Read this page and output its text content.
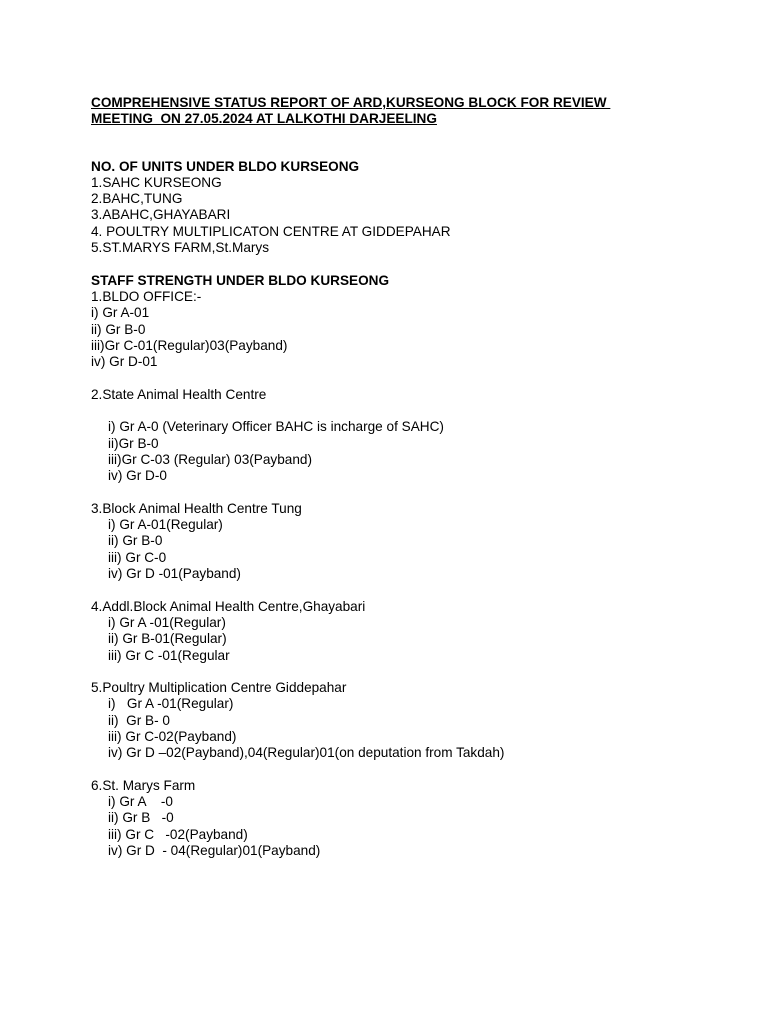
COMPREHENSIVE STATUS REPORT OF ARD,KURSEONG BLOCK FOR REVIEW
MEETING  ON 27.05.2024 AT LALKOTHI DARJEELING
NO. OF UNITS UNDER BLDO KURSEONG
1.SAHC KURSEONG
2.BAHC,TUNG
3.ABAHC,GHAYABARI
4. POULTRY MULTIPLICATON CENTRE AT GIDDEPAHAR
5.ST.MARYS FARM,St.Marys
STAFF STRENGTH UNDER BLDO KURSEONG
1.BLDO OFFICE:-
i) Gr A-01
ii) Gr B-0
iii)Gr C-01(Regular)03(Payband)
iv) Gr D-01
2.State Animal Health Centre
i) Gr A-0 (Veterinary Officer BAHC is incharge of SAHC)
ii)Gr B-0
iii)Gr C-03 (Regular) 03(Payband)
iv) Gr D-0
3.Block Animal Health Centre Tung
i) Gr A-01(Regular)
ii) Gr B-0
iii) Gr C-0
iv) Gr D -01(Payband)
4.Addl.Block Animal Health Centre,Ghayabari
i) Gr A -01(Regular)
ii) Gr B-01(Regular)
iii) Gr C -01(Regular
5.Poultry Multiplication Centre Giddepahar
i)   Gr A -01(Regular)
ii)  Gr B- 0
iii) Gr C-02(Payband)
iv) Gr D –02(Payband),04(Regular)01(on deputation from Takdah)
6.St. Marys Farm
i) Gr A    -0
ii) Gr B   -0
iii) Gr C   -02(Payband)
iv) Gr D  - 04(Regular)01(Payband)
